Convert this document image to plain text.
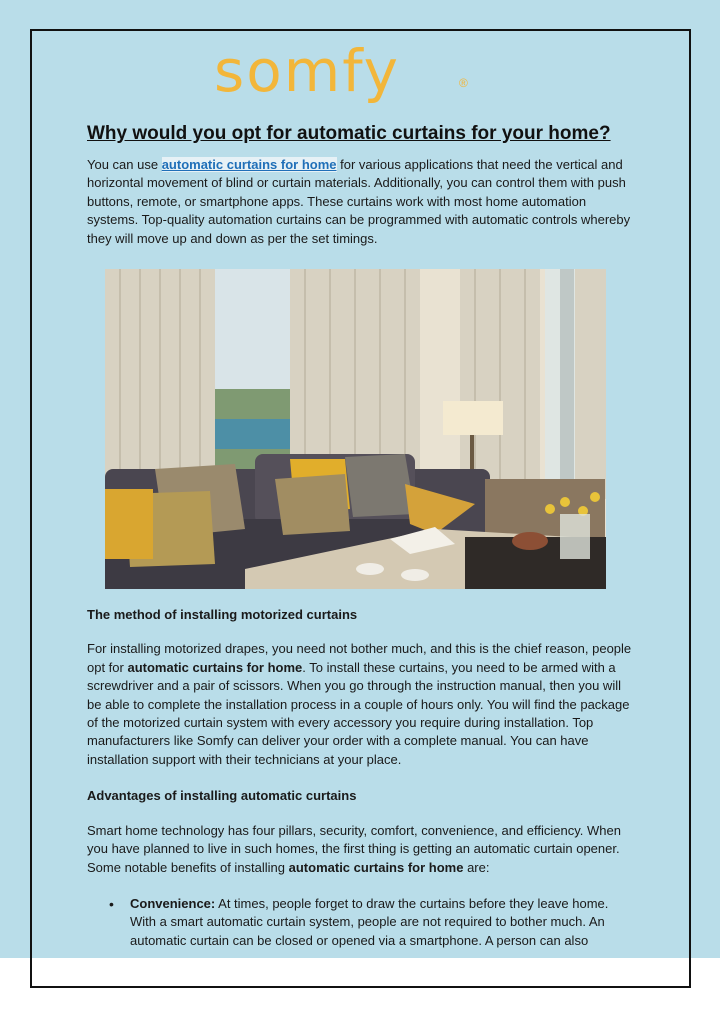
somfy	®
Why would you opt for automatic curtains for your home?

You can use automatic curtains for home for various applications that need the vertical and horizontal movement of blind or curtain materials. Additionally, you can control them with push buttons, remote, or smartphone apps. These curtains work with most home automation systems. Top-quality automation curtains can be programmed with automatic controls whereby they will move up and down as per the set timings.

The method of installing motorized curtains

For installing motorized drapes, you need not bother much, and this is the chief reason, people opt for automatic curtains for home. To install these curtains, you need to be armed with a screwdriver and a pair of scissors. When you go through the instruction manual, then you will be able to complete the installation process in a couple of hours only. You will find the package of the motorized curtain system with every accessory you require during installation. Top manufacturers like Somfy can deliver your order with a complete manual. You can have installation support with their technicians at your place.

Advantages of installing automatic curtains

Smart home technology has four pillars, security, comfort, convenience, and efficiency. When you have planned to live in such homes, the first thing is getting an automatic curtain opener. Some notable benefits of installing automatic curtains for home are:

• Convenience: At times, people forget to draw the curtains before they leave home. With a smart automatic curtain system, people are not required to bother much. An automatic curtain can be closed or opened via a smartphone. A person can also
